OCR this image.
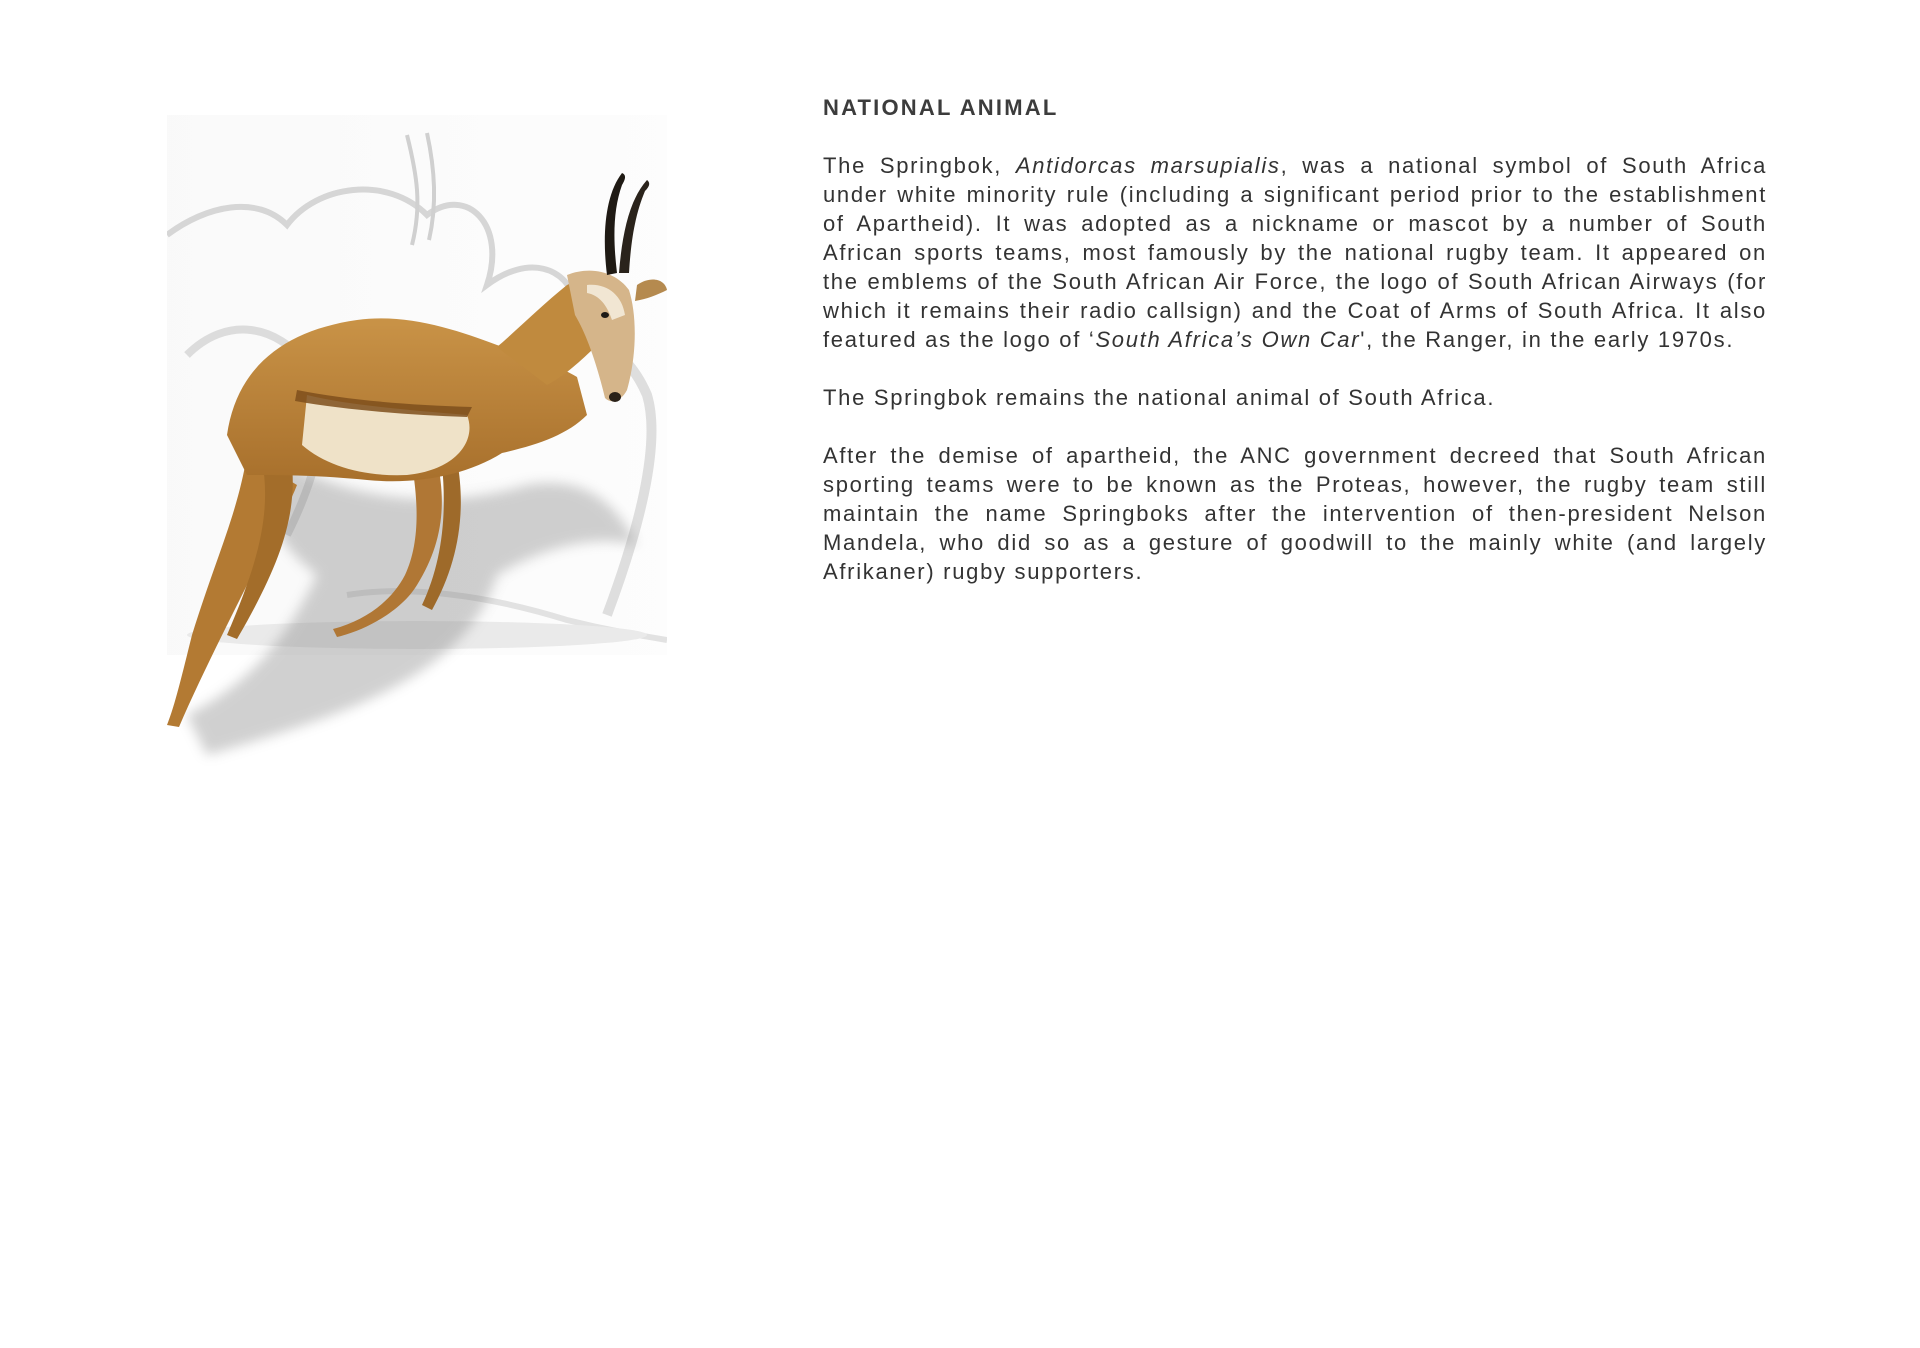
NATIONAL ANIMAL

The Springbok, Antidorcas marsupialis, was a national symbol of South Africa under white minority rule (including a significant period prior to the establishment of Apartheid). It was adopted as a nickname or mascot by a number of South African sports teams, most famously by the national rugby team. It appeared on the emblems of the South African Air Force, the logo of South African Airways (for which it remains their radio callsign) and the Coat of Arms of South Africa. It also featured as the logo of ‘South Africa’s Own Car', the Ranger, in the early 1970s.

The Springbok remains the national animal of South Africa.

After the demise of apartheid, the ANC government decreed that South African sporting teams were to be known as the Proteas, however, the rugby team still maintain the name Springboks after the intervention of then-president Nelson Mandela, who did so as a gesture of goodwill to the mainly white (and largely Afrikaner) rugby supporters.
